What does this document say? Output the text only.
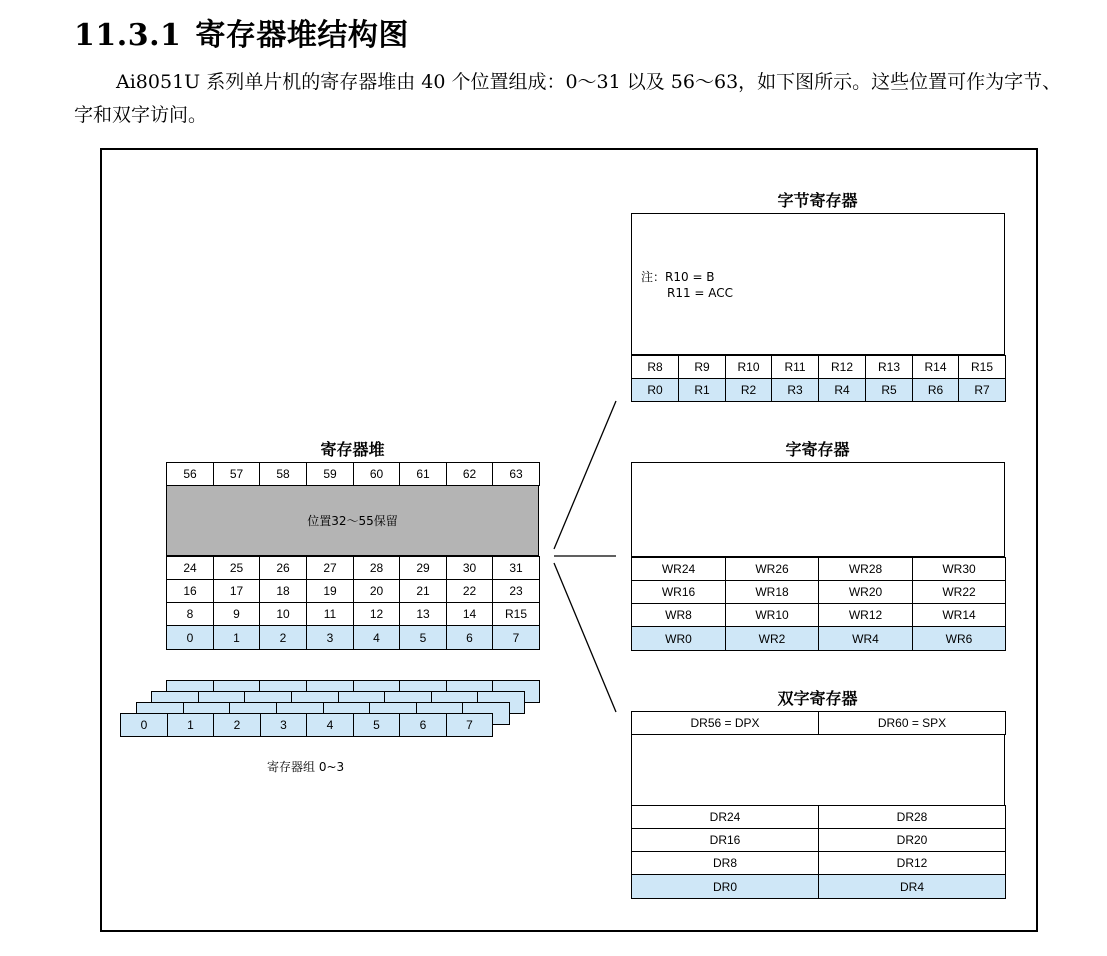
11.3.1 寄存器堆结构图
Ai8051U 系列单片机的寄存器堆由 40 个位置组成：0～31 以及 56～63，如下图所示。这些位置可作为字节、字和双字访问。
寄存器堆
位置32～55保留
寄存器组 0~3
字节寄存器
注：R10 = B
R11 = ACC
字寄存器
双字寄存器
56	57	58	59	60	61	62	63
24	25	26	27	28	29	30	31
16	17	18	19	20	21	22	23
8	9	10	11	12	13	14	R15
0	1	2	3	4	5	6	7
0	1	2	3	4	5	6	7
R8	R9	R10	R11	R12	R13	R14	R15
R0	R1	R2	R3	R4	R5	R6	R7
WR24	WR26	WR28	WR30
WR16	WR18	WR20	WR22
WR8	WR10	WR12	WR14
WR0	WR2	WR4	WR6
DR56 = DPX	DR60 = SPX
DR24	DR28
DR16	DR20
DR8	DR12
DR0	DR4
